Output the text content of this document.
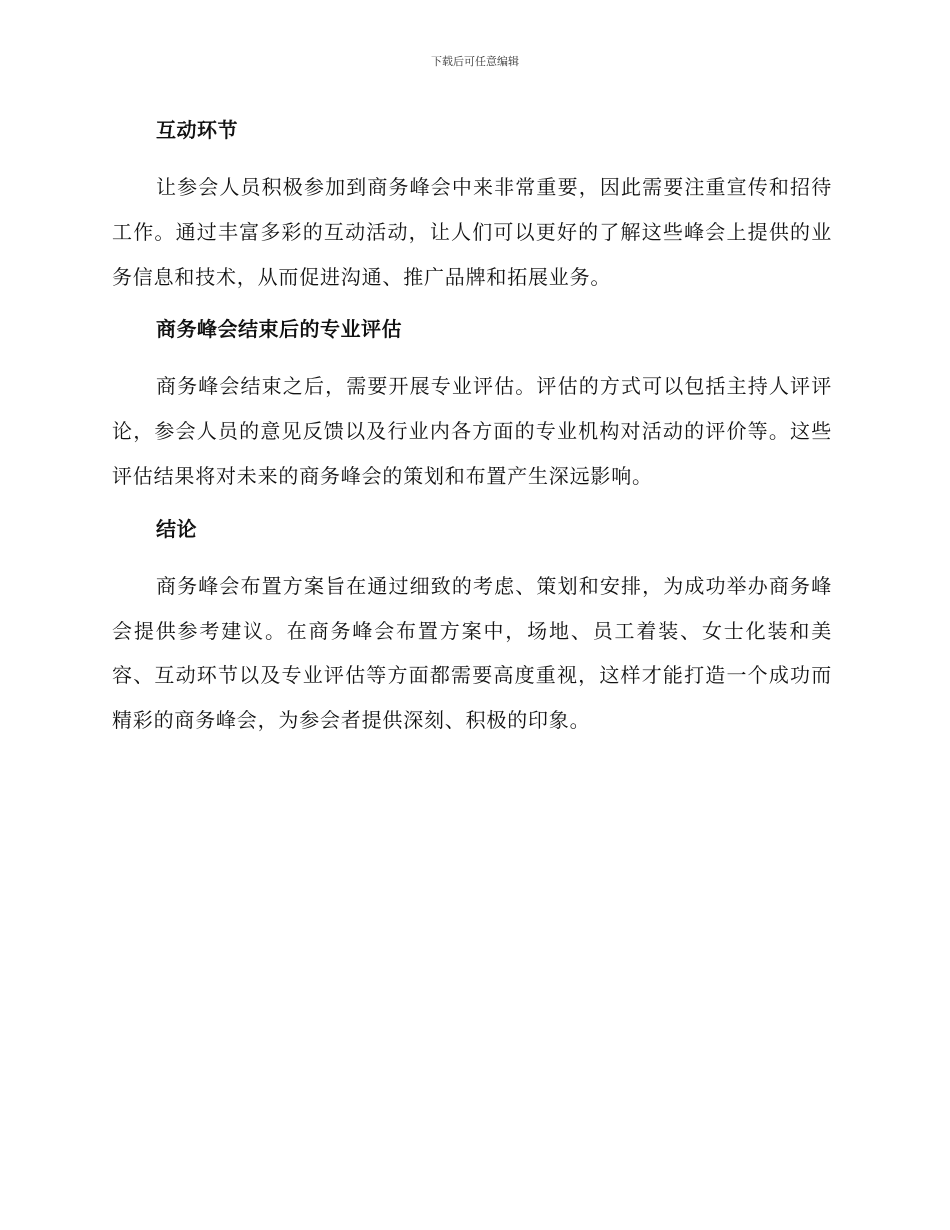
下载后可任意编辑
互动环节

让参会人员积极参加到商务峰会中来非常重要，因此需要注重宣传和招待工作。通过丰富多彩的互动活动，让人们可以更好的了解这些峰会上提供的业务信息和技术，从而促进沟通、推广品牌和拓展业务。

商务峰会结束后的专业评估

商务峰会结束之后，需要开展专业评估。评估的方式可以包括主持人评评论，参会人员的意见反馈以及行业内各方面的专业机构对活动的评价等。这些评估结果将对未来的商务峰会的策划和布置产生深远影响。

结论

商务峰会布置方案旨在通过细致的考虑、策划和安排，为成功举办商务峰会提供参考建议。在商务峰会布置方案中，场地、员工着装、女士化装和美容、互动环节以及专业评估等方面都需要高度重视，这样才能打造一个成功而精彩的商务峰会，为参会者提供深刻、积极的印象。
